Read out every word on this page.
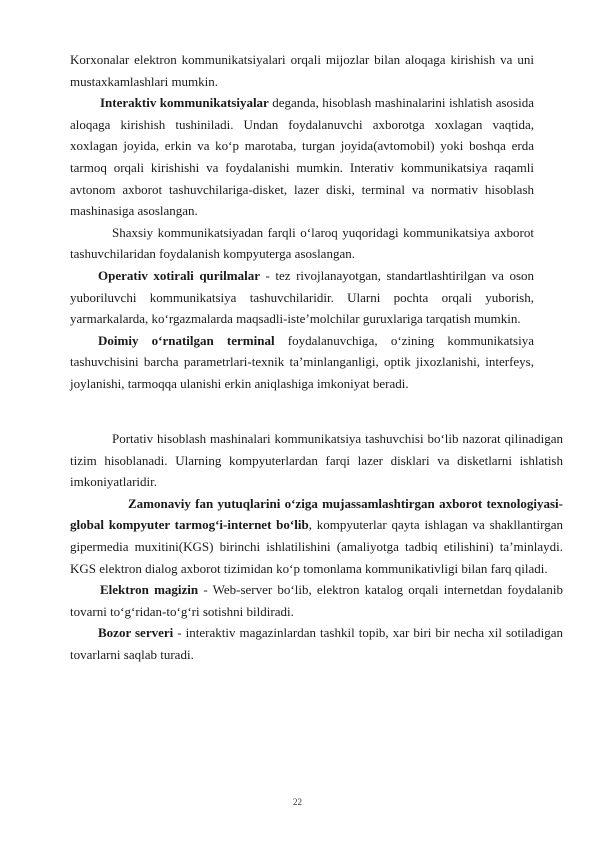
Korxonalar elektron kommunikatsiyalari orqali mijozlar bilan aloqaga kirishish va uni mustaxkamlashlari mumkin.

Interaktiv kommunikatsiyalar deganda, hisoblash mashinalarini ishlatish asosida aloqaga kirishish tushiniladi. Undan foydalanuvchi axborotga xoxlagan vaqtida, xoxlagan joyida, erkin va ko‘p marotaba, turgan joyida(avtomobil) yoki boshqa erda tarmoq orqali kirishishi va foydalanishi mumkin. Interativ kommunikatsiya raqamli avtonom axborot tashuvchilariga-disket, lazer diski, terminal va normativ hisoblash mashinasiga asoslangan.

Shaxsiy kommunikatsiyadan farqli o‘laroq yuqoridagi kommunikatsiya axborot tashuvchilaridan foydalanish kompyuterga asoslangan.

Operativ xotirali qurilmalar - tez rivojlanayotgan, standartlashtirilgan va oson yuboriluvchi kommunikatsiya tashuvchilaridir. Ularni pochta orqali yuborish, yarmarkalarda, ko‘rgazmalarda maqsadli-iste’molchilar guruxlariga tarqatish mumkin.

Doimiy o‘rnatilgan terminal foydalanuvchiga, o‘zining kommunikatsiya tashuvchisini barcha parametrlari-texnik ta’minlanganligi, optik jixozlanishi, interfeys, joylanishi, tarmoqqa ulanishi erkin aniqlashiga imkoniyat beradi.

Portativ hisoblash mashinalari kommunikatsiya tashuvchisi bo‘lib nazorat qilinadigan tizim hisoblanadi. Ularning kompyuterlardan farqi lazer disklari va disketlarni ishlatish imkoniyatlaridir.

Zamonaviy fan yutuqlarini o‘ziga mujassamlashtirgan axborot texnologiyasi-global kompyuter tarmog‘i-internet bo‘lib, kompyuterlar qayta ishlagan va shakllantirgan gipermedia muxitini(KGS) birinchi ishlatilishini (amaliyotga tadbiq etilishini) ta’minlaydi. KGS elektron dialog axborot tizimidan ko‘p tomonlama kommunikativligi bilan farq qiladi.

Elektron magizin - Web-server bo‘lib, elektron katalog orqali internetdan foydalanib tovarni to‘g‘ridan-to‘g‘ri sotishni bildiradi.

Bozor serveri - interaktiv magazinlardan tashkil topib, xar biri bir necha xil sotiladigan tovarlarni saqlab turadi.

22
